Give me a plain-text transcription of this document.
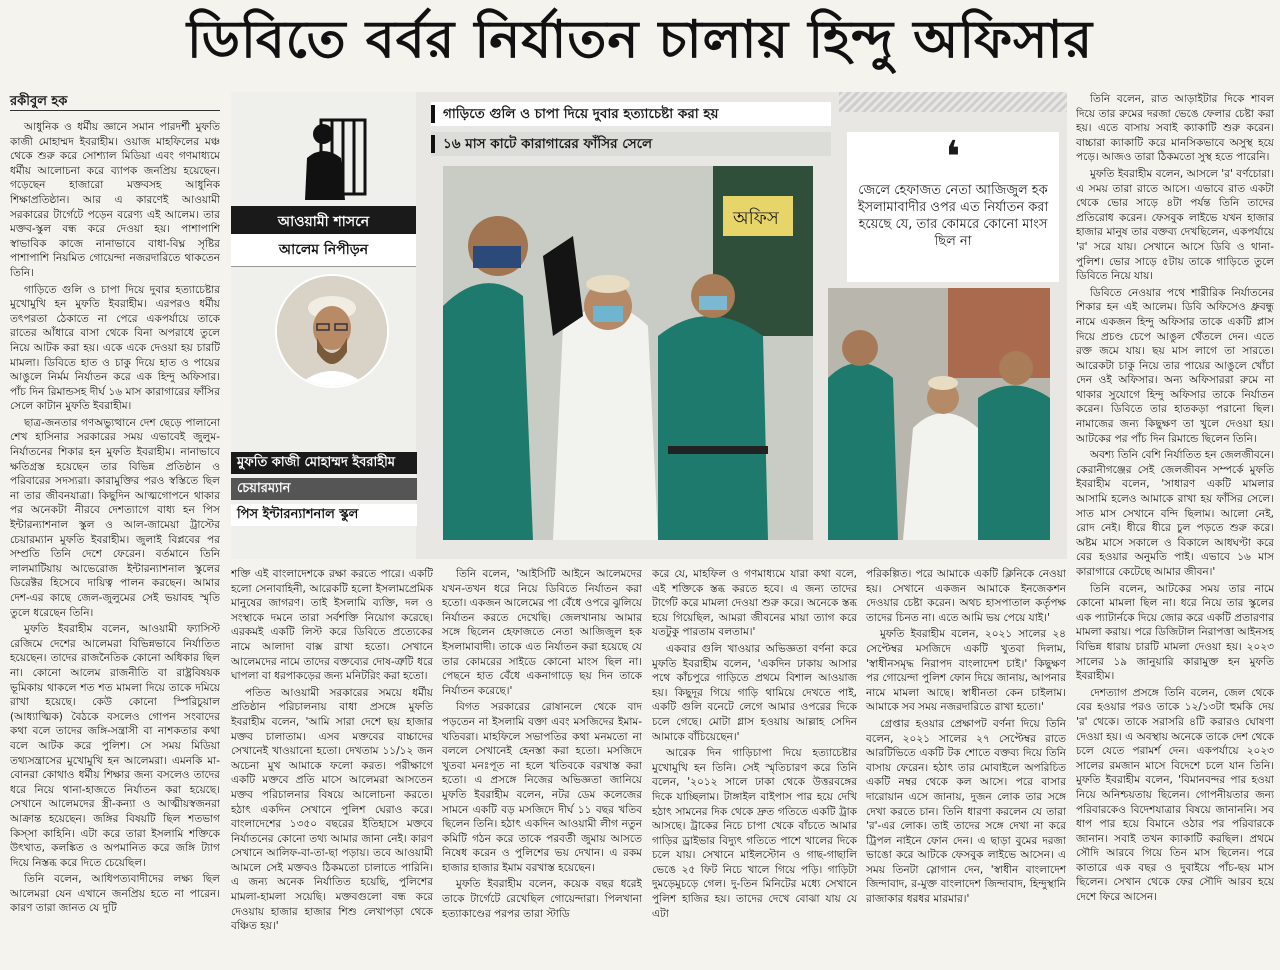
ডিবিতে বর্বর নির্যাতন চালায় হিন্দু অফিসার
রকীবুল হক

আধুনিক ও ধর্মীয় জ্ঞানে সমান পারদর্শী মুফতি কাজী মোহাম্মদ ইবরাহীম। ওয়াজ মাহফিলের মঞ্চ থেকে শুরু করে সোশ্যাল মিডিয়া এবং গণমাধ্যমে ধর্মীয় আলোচনা করে ব্যাপক জনপ্রিয় হয়েছেন। গড়েছেন হাজারো মক্তবসহ আধুনিক শিক্ষাপ্রতিষ্ঠান। আর এ কারণেই আওয়ামী সরকারের টার্গেটে পড়েন বরেণ্য এই আলেম। তার মক্তব-স্কুল বন্ধ করে দেওয়া হয়। পাশাপাশি স্বাভাবিক কাজে নানাভাবে বাধা-বিঘ্ন সৃষ্টির পাশাপাশি নিয়মিত গোয়েন্দা নজরদারিতে থাকতেন তিনি।

গাড়িতে গুলি ও চাপা দিয়ে দুবার হত্যাচেষ্টার মুখোমুখি হন মুফতি ইবরাহীম। এরপরও ধর্মীয় তৎপরতা ঠেকাতে না পেরে একপর্যায়ে তাকে রাতের আঁধারে বাসা থেকে বিনা অপরাধে তুলে নিয়ে আটক করা হয়। একে একে দেওয়া হয় চারটি মামলা। ডিবিতে হাত ও চাকু দিয়ে হাত ও পায়ের আঙুলে নির্মম নির্যাতন করে এক হিন্দু অফিসার। পাঁচ দিন রিমান্ডসহ দীর্ঘ ১৬ মাস কারাগারের ফাঁসির সেলে কাটান মুফতি ইবরাহীম।

ছাত্র-জনতার গণঅভ্যুত্থানে দেশ ছেড়ে পালানো শেখ হাসিনার সরকারের সময় এভাবেই জুলুম-নির্যাতনের শিকার হন মুফতি ইবরাহীম। নানাভাবে ক্ষতিগ্রস্ত হয়েছেন তার বিভিন্ন প্রতিষ্ঠান ও পরিবারের সদস্যরা। কারামুক্তির পরও স্বস্তিতে ছিল না তার জীবনযাত্রা। কিছুদিন আত্মগোপনে থাকার পর অনেকটা নীরবে দেশত্যাগে বাধ্য হন পিস ইন্টারন্যাশনাল স্কুল ও আল-জামেয়া ট্রাস্টের চেয়ারম্যান মুফতি ইবরাহীম। জুলাই বিপ্লবের পর সম্প্রতি তিনি দেশে ফেরেন। বর্তমানে তিনি লালমাটিয়ায় আভেরোজ ইন্টারন্যাশনাল স্কুলের ডিরেক্টর হিসেবে দায়িত্ব পালন করছেন। আমার দেশ-এর কাছে জেল-জুলুমের সেই ভয়াবহ স্মৃতি তুলে ধরেছেন তিনি।

মুফতি ইবরাহীম বলেন, আওয়ামী ফ্যাসিস্ট রেজিমে দেশের আলেমরা বিভিন্নভাবে নির্যাতিত হয়েছেন। তাদের রাজনৈতিক কোনো অধিকার ছিল না। কোনো আলেম রাজনীতি বা রাষ্ট্রবিষয়ক ভূমিকায় থাকলে শত শত মামলা দিয়ে তাকে দমিয়ে রাখা হয়েছে। কেউ কোনো স্পিরিচুয়াল (আধ্যাত্মিক) বৈঠকে বসলেও গোপন সংবাদের কথা বলে তাদের জঙ্গি-সন্ত্রাসী বা নাশকতার কথা বলে আটক করে পুলিশ। সে সময় মিডিয়া তথ্যসন্ত্রাসের মুখোমুখি হন আলেমরা। এমনকি মা-বোনরা কোথাও ধর্মীয় শিক্ষার জন্য বসলেও তাদের ধরে নিয়ে থানা-হাজতে নির্যাতন করা হয়েছে। সেখানে আলেমদের স্ত্রী-কন্যা ও আত্মীয়স্বজনরা আক্রান্ত হয়েছেন। জঙ্গির বিষয়টি ছিল শতভাগ কিস্সা কাহিনি। এটা করে তারা ইসলামি শক্তিকে উৎখাত, কলঙ্কিত ও অপমানিত করে জঙ্গি ট্যাগ দিয়ে নিস্তব্ধ করে দিতে চেয়েছিল।

তিনি বলেন, আধিপত্যবাদীদের লক্ষ্য ছিল আলেমরা যেন এখানে জনপ্রিয় হতে না পারেন। কারণ তারা জানত যে দুটি

আওয়ামী শাসনে
আলেম নিপীড়ন
মুফতি কাজী মোহাম্মদ ইবরাহীম
চেয়ারম্যান
পিস ইন্টারন্যাশনাল স্কুল
গাড়িতে গুলি ও চাপা দিয়ে দুবার হত্যাচেষ্টা করা হয়
১৬ মাস কাটে কারাগারের ফাঁসির সেলে
অফিস
❛
জেলে হেফাজত নেতা আজিজুল হক ইসলামাবাদীর ওপর এত নির্যাতন করা হয়েছে যে, তার কোমরে কোনো মাংস ছিল না

শক্তি এই বাংলাদেশকে রক্ষা করতে পারে। একটি হলো সেনাবাহিনী, আরেকটি হলো ইসলামপ্রেমিক মানুষের জাগরণ। তাই ইসলামি ব্যক্তি, দল ও সংস্থাকে দমনে তারা সর্বশক্তি নিয়োগ করেছে। এরকমই একটি লিস্ট করে ডিবিতে প্রত্যেকের নামে আলাদা বাক্স রাখা হতো। সেখানে আলেমদের নামে তাদের বক্তব্যের দোষ-ত্রুটি ধরে ঘাপলা বা ধরপাকড়ের জন্য মনিটরিং করা হতো।

পতিত আওয়ামী সরকারের সময়ে ধর্মীয় প্রতিষ্ঠান পরিচালনায় বাধা প্রসঙ্গে মুফতি ইবরাহীম বলেন, 'আমি সারা দেশে ছয় হাজার মক্তব চালাতাম। এসব মক্তবের বাচ্চাদের সেখানেই খাওয়ানো হতো। দেখতাম ১১/১২ জন অচেনা মুখ আমাকে ফলো করত। পরীক্ষাগে একটি মক্তবে প্রতি মাসে আলেমরা আসতেন মক্তব পরিচালনার বিষয়ে আলোচনা করতে। হঠাৎ একদিন সেখানে পুলিশ ঘেরাও করে। বাংলাদেশের ১৩৫০ বছরের ইতিহাসে মক্তবে নির্যাতনের কোনো তথ্য আমার জানা নেই। কারণ সেখানে আলিফ-বা-তা-ছা পড়ায়। তবে আওয়ামী আমলে সেই মক্তবও ঠিকমতো চালাতে পারিনি। এ জন্য অনেক নির্যাতিত হয়েছি, পুলিশের মামলা-হামলা সয়েছি। মক্তবগুলো বন্ধ করে দেওয়ায় হাজার হাজার শিশু লেখাপড়া থেকে বঞ্চিত হয়।'

তিনি বলেন, 'আইসিটি আইনে আলেমদের যখন-তখন ধরে নিয়ে ডিবিতে নির্যাতন করা হতো। একজন আলেমের পা বেঁধে ওপরে ঝুলিয়ে নির্যাতন করতে দেখেছি। জেলখানায় আমার সঙ্গে ছিলেন হেফাজতে নেতা আজিজুল হক ইসলামাবাদী। তাকে এত নির্যাতন করা হয়েছে যে তার কোমরের সাইডে কোনো মাংস ছিল না। পেছনে হাত বেঁধে একনাগাড়ে ছয় দিন তাকে নির্যাতন করেছে।'

বিগত সরকারের রোষানলে থেকে বাদ পড়তেন না ইসলামি বক্তা এবং মসজিদের ইমাম-খতিবরা। মাহফিলে সভাপতির কথা মনমতো না বললে সেখানেই হেনস্তা করা হতো। মসজিদে খুতবা মনঃপূত না হলে খতিবকে বরখাস্ত করা হতো। এ প্রসঙ্গে নিজের অভিজ্ঞতা জানিয়ে মুফতি ইবরাহীম বলেন, নটর ডেম কলেজের সামনে একটি বড় মসজিদে দীর্ঘ ১১ বছর খতিব ছিলেন তিনি। হঠাৎ একদিন আওয়ামী লীগ নতুন কমিটি গঠন করে তাকে পরবর্তী জুমায় আসতে নিষেধ করেন ও পুলিশের ভয় দেখান। এ রকম হাজার হাজার ইমাম বরখাস্ত হয়েছেন।

মুফতি ইবরাহীম বলেন, কয়েক বছর ধরেই তাকে টার্গেটে রেখেছিল গোয়েন্দারা। পিলখানা হত্যাকাণ্ডের পরপর তারা স্টাডি

করে যে, মাহফিল ও গণমাধ্যমে যারা কথা বলে, এই শক্তিকে স্তব্ধ করতে হবে। এ জন্য তাদের টার্গেট করে মামলা দেওয়া শুরু করে। অনেকে স্তব্ধ হয়ে গিয়েছিল, আমরা জীবনের মায়া ত্যাগ করে যতটুকু পারতাম বলতাম।'

একবার গুলি খাওয়ার অভিজ্ঞতা বর্ণনা করে মুফতি ইবরাহীম বলেন, 'একদিন ঢাকায় আসার পথে কাঁচপুরে গাড়িতে প্রথমে বিশাল আওয়াজ হয়। কিছুদূর গিয়ে গাড়ি থামিয়ে দেখতে পাই, একটি গুলি বনেটে লেগে আমার ওপরের দিকে চলে গেছে। মোটা গ্লাস হওয়ায় আল্লাহ সেদিন আমাকে বাঁচিয়েছেন।'

আরেক দিন গাড়িচাপা দিয়ে হত্যাচেষ্টার মুখোমুখি হন তিনি। সেই স্মৃতিচারণ করে তিনি বলেন, '২০১২ সালে ঢাকা থেকে উত্তরবঙ্গের দিকে যাচ্ছিলাম। টাঙ্গাইল বাইপাস পার হয়ে দেখি হঠাৎ সামনের দিক থেকে দ্রুত গতিতে একটি ট্রাক আসছে। ট্রাকের নিচে চাপা খেকে বাঁচতে আমার গাড়ির ড্রাইভার বিদ্যুৎ গতিতে পাশে খালের দিকে চলে যায়। সেখানে মাইলস্টোন ও গাছ-গাছালি ভেঙে ২৫ ফিট নিচে খালে গিয়ে পড়ি। গাড়িটা দুমড়েমুচড়ে গেল। দু-তিন মিনিটের মধ্যে সেখানে পুলিশ হাজির হয়। তাদের দেখে বোঝা যায় যে এটা

পরিকল্পিত। পরে আমাকে একটি ক্লিনিকে নেওয়া হয়। সেখানে একজন আমাকে ইনজেকশন দেওয়ার চেষ্টা করেন। অথচ হাসপাতাল কর্তৃপক্ষ তাদের চিনত না। এতে আমি ভয় পেয়ে যাই।'

মুফতি ইবরাহীম বলেন, ২০২১ সালের ২৪ সেপ্টেম্বর মসজিদে একটি খুতবা দিলাম, 'স্বাধীনসমৃদ্ধ নিরাপদ বাংলাদেশ চাই।' কিছুক্ষণ পর গোয়েন্দা পুলিশ ফোন দিয়ে জানায়, আপনার নামে মামলা আছে। স্বাধীনতা কেন চাইলাম। আমাকে সব সময় নজরদারিতে রাখা হতো।'

গ্রেপ্তার হওয়ার প্রেক্ষাপট বর্ণনা দিয়ে তিনি বলেন, ২০২১ সালের ২৭ সেপ্টেম্বর রাতে আরটিভিতে একটি টক শোতে বক্তব্য দিয়ে তিনি বাসায় ফেরেন। হঠাৎ তার মোবাইলে অপরিচিত একটি নম্বর থেকে কল আসে। পরে বাসার দারোয়ান এসে জানায়, দুজন লোক তার সঙ্গে দেখা করতে চান। তিনি ধারণা করলেন যে তারা 'র'-এর লোক। তাই তাদের সঙ্গে দেখা না করে ট্রিপল নাইনে ফোন দেন। এ ছাড়া বুমের দরজা ভাঙো করে আটকে ফেসবুক লাইভে আসেন। এ সময় তিনটা স্লোগান দেন, 'স্বাধীন বাংলাদেশ জিন্দাবাদ, র-মুক্ত বাংলাদেশ জিন্দাবাদ, হিন্দুস্থানি রাজাকার ধরধর মারমার।'

তিনি বলেন, রাত আড়াইটার দিকে শাবল দিয়ে তার রুমের দরজা ভেঙে ফেলার চেষ্টা করা হয়। এতে বাসায় সবাই ক্যাকাটি শুরু করেন। বাচ্চারা ক্যাকাটি করে মানসিকভাবে অসুস্থ হয়ে পড়ে। আজও তারা ঠিকমতো সুস্থ হতে পারেনি।

মুফতি ইবরাহীম বলেন, আসলে 'র' বর্ণচোরা। এ সময় তারা রাতে আসে। এভাবে রাত একটা থেকে ভোর সাড়ে ৪টা পর্যন্ত তিনি তাদের প্রতিরোধ করেন। ফেসবুক লাইভে যখন হাজার হাজার মানুষ তার বক্তব্য দেখছিলেন, একপর্যায়ে 'র' সরে যায়। সেখানে আসে ডিবি ও থানা-পুলিশ। ভোর সাড়ে ৫টায় তাকে গাড়িতে তুলে ডিবিতে নিয়ে যায়।

ডিবিতে নেওয়ার পথে শারীরিক নির্যাতনের শিকার হন এই আলেম। ডিবি অফিসেও ধ্রুবন্ধু নামে একজন হিন্দু অফিসার তাকে একটি প্লাস দিয়ে প্রচণ্ড চেপে আঙুল থেঁতলে দেন। এতে রক্ত জমে যায়। ছয় মাস লাগে তা সারতে। আরেকটা চাকু নিয়ে তার পায়ের আঙুলে খোঁচা দেন ওই অফিসার। অন্য অফিসাররা রুমে না থাকার সুযোগে হিন্দু অফিসার তাকে নির্যাতন করেন। ডিবিতে তার হাতকড়া পরানো ছিল। নামাজের জন্য কিছুক্ষণ তা খুলে দেওয়া হয়। আটকের পর পাঁচ দিন রিমান্ডে ছিলেন তিনি।

অবশ্য তিনি বেশি নির্যাতিত হন জেলজীবনে। কেরানীগঞ্জের সেই জেলজীবন সম্পর্কে মুফতি ইবরাহীম বলেন, 'সাধারণ একটি মামলার আসামি হলেও আমাকে রাখা হয় ফাঁসির সেলে। সাত মাস সেখানে বন্দি ছিলাম। আলো নেই, রোদ নেই। ধীরে ধীরে চুল পড়তে শুরু করে। অষ্টম মাসে সকালে ও বিকালে আধঘণ্টা করে বের হওয়ার অনুমতি পাই। এভাবে ১৬ মাস কারাগারে কেটেছে আমার জীবন।'

তিনি বলেন, আটকের সময় তার নামে কোনো মামলা ছিল না। ধরে নিয়ে তার স্কুলের এক প্যাটার্নকে দিয়ে জোর করে একটি প্রতারণার মামলা করায়। পরে ডিজিটাল নিরাপত্তা আইনসহ বিভিন্ন ধারায় চারটি মামলা দেওয়া হয়। ২০২৩ সালের ১৯ জানুয়ারি কারামুক্ত হন মুফতি ইবরাহীম।

দেশত্যাগ প্রসঙ্গে তিনি বলেন, জেল থেকে বের হওয়ার পরও তাকে ১২/১৩টা হুমকি দেয় 'র' থেকে। তাকে সরাসরি ৪টি করারও ঘোষণা দেওয়া হয়। এ অবস্থায় অনেকে তাকে দেশ থেকে চলে যেতে পরামর্শ দেন। একপর্যায়ে ২০২৩ সালের রমজান মাসে বিদেশে চলে যান তিনি। মুফতি ইবরাহীম বলেন, 'বিমানবন্দর পার হওয়া নিয়ে অনিশ্চয়তায় ছিলেন। গোপনীয়তার জন্য পরিবারকেও বিদেশযাত্রার বিষয়ে জানাননি। সব ধাপ পার হয়ে বিমানে ওঠার পর পরিবারকে জানান। সবাই তখন ক্যাকাটি করছিল। প্রথমে সৌদি আরবে গিয়ে তিন মাস ছিলেন। পরে কাতারে এক বছর ও দুবাইয়ে পাঁচ-ছয় মাস ছিলেন। সেখান থেকে ফের সৌদি আরব হয়ে দেশে ফিরে আসেন।
